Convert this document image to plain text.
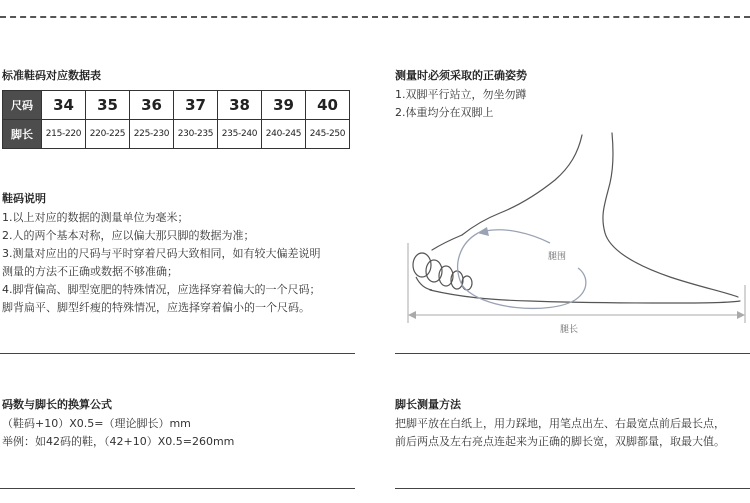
标准鞋码对应数据表
尺码	34	35	36	37	38	39	40
脚长	215-220	220-225	225-230	230-235	235-240	240-245	245-250
鞋码说明
1.以上对应的数据的测量单位为毫米；
2.人的两个基本对称，应以偏大那只脚的数据为准；
3.测量对应出的尺码与平时穿着尺码大致相同，如有较大偏差说明
测量的方法不正确或数据不够准确；
4.脚背偏高、脚型宽肥的特殊情况，应选择穿着偏大的一个尺码；
脚背扁平、脚型纤瘦的特殊情况，应选择穿着偏小的一个尺码。
测量时必须采取的正确姿势
1.双脚平行站立，勿坐勿蹲
2.体重均分在双脚上
腿围
腿长
码数与脚长的换算公式
（鞋码+10）X0.5=（理论脚长）mm
举例：如42码的鞋，（42+10）X0.5=260mm
脚长测量方法
把脚平放在白纸上，用力踩地，用笔点出左、右最宽点前后最长点，
前后两点及左右亮点连起来为正确的脚长宽，双脚都量，取最大值。
